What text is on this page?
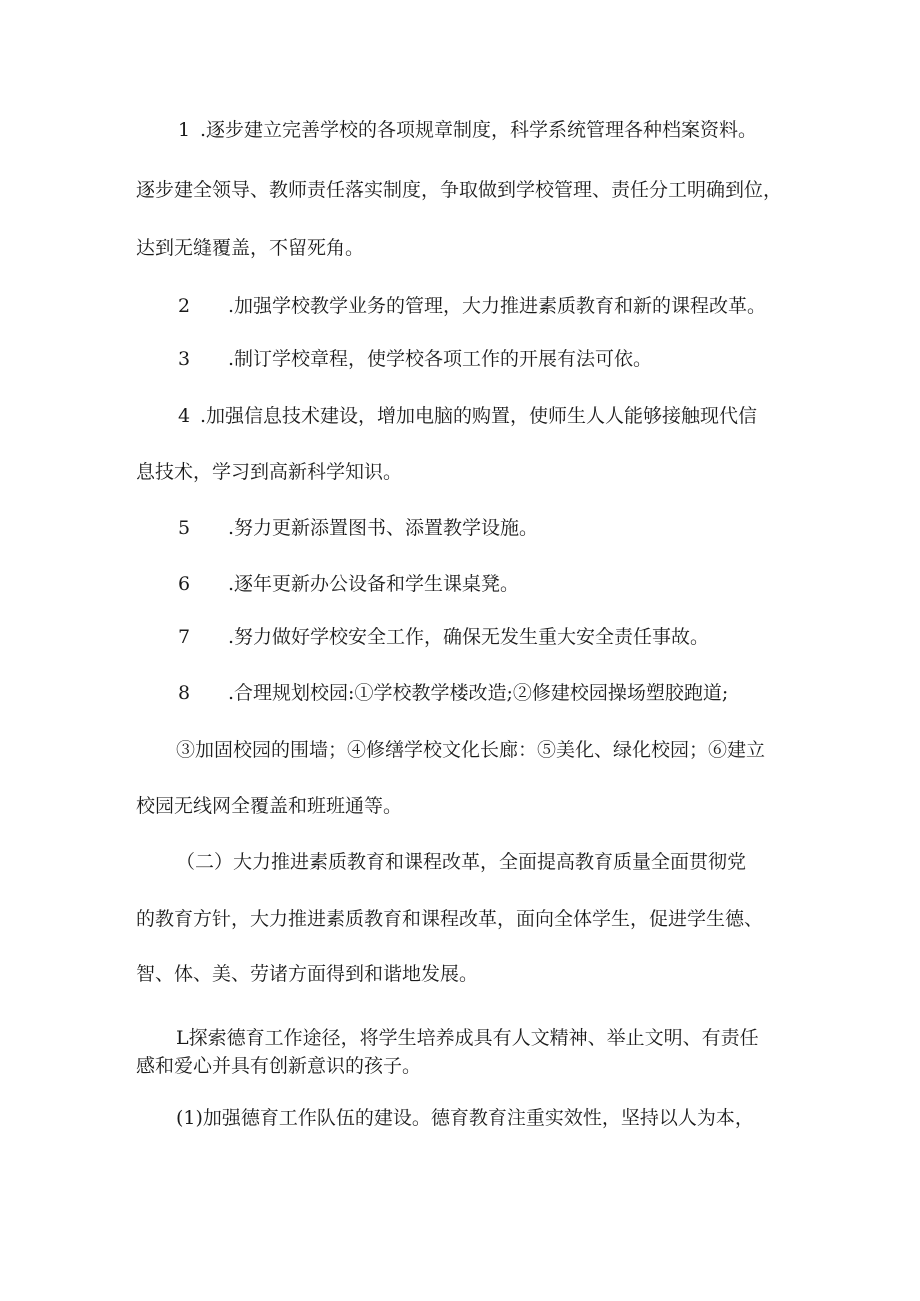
1 .逐步建立完善学校的各项规章制度，科学系统管理各种档案资料。
逐步建全领导、教师责任落实制度，争取做到学校管理、责任分工明确到位，
达到无缝覆盖，不留死角。
2 .加强学校教学业务的管理，大力推进素质教育和新的课程改革。
3 .制订学校章程，使学校各项工作的开展有法可依。
4 .加强信息技术建设，增加电脑的购置，使师生人人能够接触现代信
息技术，学习到高新科学知识。
5 .努力更新添置图书、添置教学设施。
6 .逐年更新办公设备和学生课桌凳。
7 .努力做好学校安全工作，确保无发生重大安全责任事故。
8 .合理规划校园:①学校教学楼改造;②修建校园操场塑胶跑道;
③加固校园的围墙；④修缮学校文化长廊：⑤美化、绿化校园；⑥建立
校园无线网全覆盖和班班通等。
（二）大力推进素质教育和课程改革，全面提高教育质量全面贯彻党
的教育方针，大力推进素质教育和课程改革，面向全体学生，促进学生德、
智、体、美、劳诸方面得到和谐地发展。
L探索德育工作途径，将学生培养成具有人文精神、举止文明、有责任
感和爱心并具有创新意识的孩子。
(1)加强德育工作队伍的建设。德育教育注重实效性，坚持以人为本，
